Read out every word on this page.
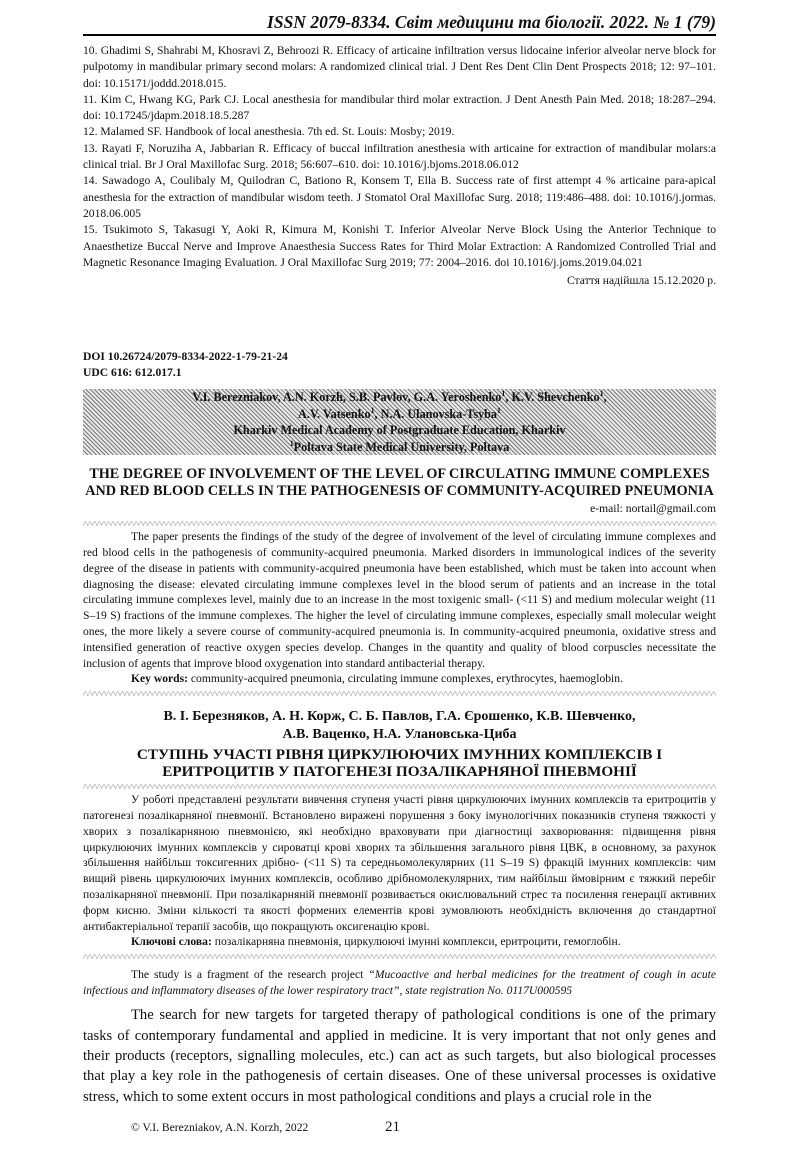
ISSN 2079-8334. Світ медицини та біології. 2022. № 1 (79)

10. Ghadimi S, Shahrabi M, Khosravi Z, Behroozi R. Efficacy of articaine infiltration versus lidocaine inferior alveolar nerve block for pulpotomy in mandibular primary second molars: A randomized clinical trial. J Dent Res Dent Clin Dent Prospects 2018; 12: 97–101. doi: 10.15171/joddd.2018.015.

11. Kim C, Hwang KG, Park CJ. Local anesthesia for mandibular third molar extraction. J Dent Anesth Pain Med. 2018; 18:287–294. doi: 10.17245/jdapm.2018.18.5.287

12. Malamed SF. Handbook of local anesthesia. 7th ed. St. Louis: Mosby; 2019.

13. Rayati F, Noruziha A, Jabbarian R. Efficacy of buccal infiltration anesthesia with articaine for extraction of mandibular molars:a clinical trial. Br J Oral Maxillofac Surg. 2018; 56:607–610. doi: 10.1016/j.bjoms.2018.06.012

14. Sawadogo A, Coulibaly M, Quilodran C, Bationo R, Konsem T, Ella B. Success rate of first attempt 4 % articaine para-apical anesthesia for the extraction of mandibular wisdom teeth. J Stomatol Oral Maxillofac Surg. 2018; 119:486–488. doi: 10.1016/j.jormas. 2018.06.005

15. Tsukimoto S, Takasugi Y, Aoki R, Kimura M, Konishi T. Inferior Alveolar Nerve Block Using the Anterior Technique to Anaesthetize Buccal Nerve and Improve Anaesthesia Success Rates for Third Molar Extraction: A Randomized Controlled Trial and Magnetic Resonance Imaging Evaluation. J Oral Maxillofac Surg 2019; 77: 2004–2016. doi 10.1016/j.joms.2019.04.021

Стаття надійшла 15.12.2020 р.
DOI 10.26724/2079-8334-2022-1-79-21-24
UDC 616: 612.017.1
V.I. Berezniakov, A.N. Korzh, S.B. Pavlov, G.A. Yeroshenko$^1$, K.V. Shevchenko$^1$,
A.V. Vatsenko$^1$, N.A. Ulanovska-Tsyba$^1$
Kharkiv Medical Academy of Postgraduate Education, Kharkiv
$^1$Poltava State Medical University, Poltava
THE DEGREE OF INVOLVEMENT OF THE LEVEL OF CIRCULATING IMMUNE COMPLEXES AND RED BLOOD CELLS IN THE PATHOGENESIS OF COMMUNITY-ACQUIRED PNEUMONIA
e-mail: nortail@gmail.com

The paper presents the findings of the study of the degree of involvement of the level of circulating immune complexes and red blood cells in the pathogenesis of community-acquired pneumonia. Marked disorders in immunological indices of the severity degree of the disease in patients with community-acquired pneumonia have been established, which must be taken into account when diagnosing the disease: elevated circulating immune complexes level in the blood serum of patients and an increase in the total circulating immune complexes level, mainly due to an increase in the most toxigenic small- (<11 S) and medium molecular weight (11 S–19 S) fractions of the immune complexes. The higher the level of circulating immune complexes, especially small molecular weight ones, the more likely a severe course of community-acquired pneumonia is. In community-acquired pneumonia, oxidative stress and intensified generation of reactive oxygen species develop. Changes in the quantity and quality of blood corpuscles necessitate the inclusion of agents that improve blood oxygenation into standard antibacterial therapy.

Key words: community-acquired pneumonia, circulating immune complexes, erythrocytes, haemoglobin.

В. І. Березняков, А. Н. Корж, С. Б. Павлов, Г.А. Єрошенко, К.В. Шевченко,
А.В. Ваценко, Н.А. Улановська-Циба
СТУПІНЬ УЧАСТІ РІВНЯ ЦИРКУЛЮЮЧИХ ІМУННИХ КОМПЛЕКСІВ І ЕРИТРОЦИТІВ У ПАТОГЕНЕЗІ ПОЗАЛІКАРНЯНОЇ ПНЕВМОНІЇ

У роботі представлені результати вивчення ступеня участі рівня циркулюючих імунних комплексів та еритроцитів у патогенезі позалікарняної пневмонії. Встановлено виражені порушення з боку імунологічних показників ступеня тяжкості у хворих з позалікарняною пневмонією, які необхідно враховувати при діагностиці захворювання: підвищення рівня циркулюючих імунних комплексів у сироватці крові хворих та збільшення загального рівня ЦВК, в основному, за рахунок збільшення найбільш токсигенних дрібно- (<11 S) та середньомолекулярних (11 S–19 S) фракцій імунних комплексів: чим вищий рівень циркулюючих імунних комплексів, особливо дрібномолекулярних, тим найбільш ймовірним є тяжкий перебіг позалікарняної пневмонії. При позалікарняній пневмонії розвивається окислювальний стрес та посилення генерації активних форм кисню. Зміни кількості та якості формених елементів крові зумовлюють необхідність включення до стандартної антибактеріальної терапії засобів, що покращують оксигенацію крові.

Ключові слова: позалікарняна пневмонія, циркулюючі імунні комплекси, еритроцити, гемоглобін.

The study is a fragment of the research project “Mucoactive and herbal medicines for the treatment of cough in acute infectious and inflammatory diseases of the lower respiratory tract”, state registration No. 0117U000595

The search for new targets for targeted therapy of pathological conditions is one of the primary tasks of contemporary fundamental and applied in medicine. It is very important that not only genes and their products (receptors, signalling molecules, etc.) can act as such targets, but also biological processes that play a key role in the pathogenesis of certain diseases. One of these universal processes is oxidative stress, which to some extent occurs in most pathological conditions and plays a crucial role in the

© V.I. Berezniakov, A.N. Korzh, 2022	21
